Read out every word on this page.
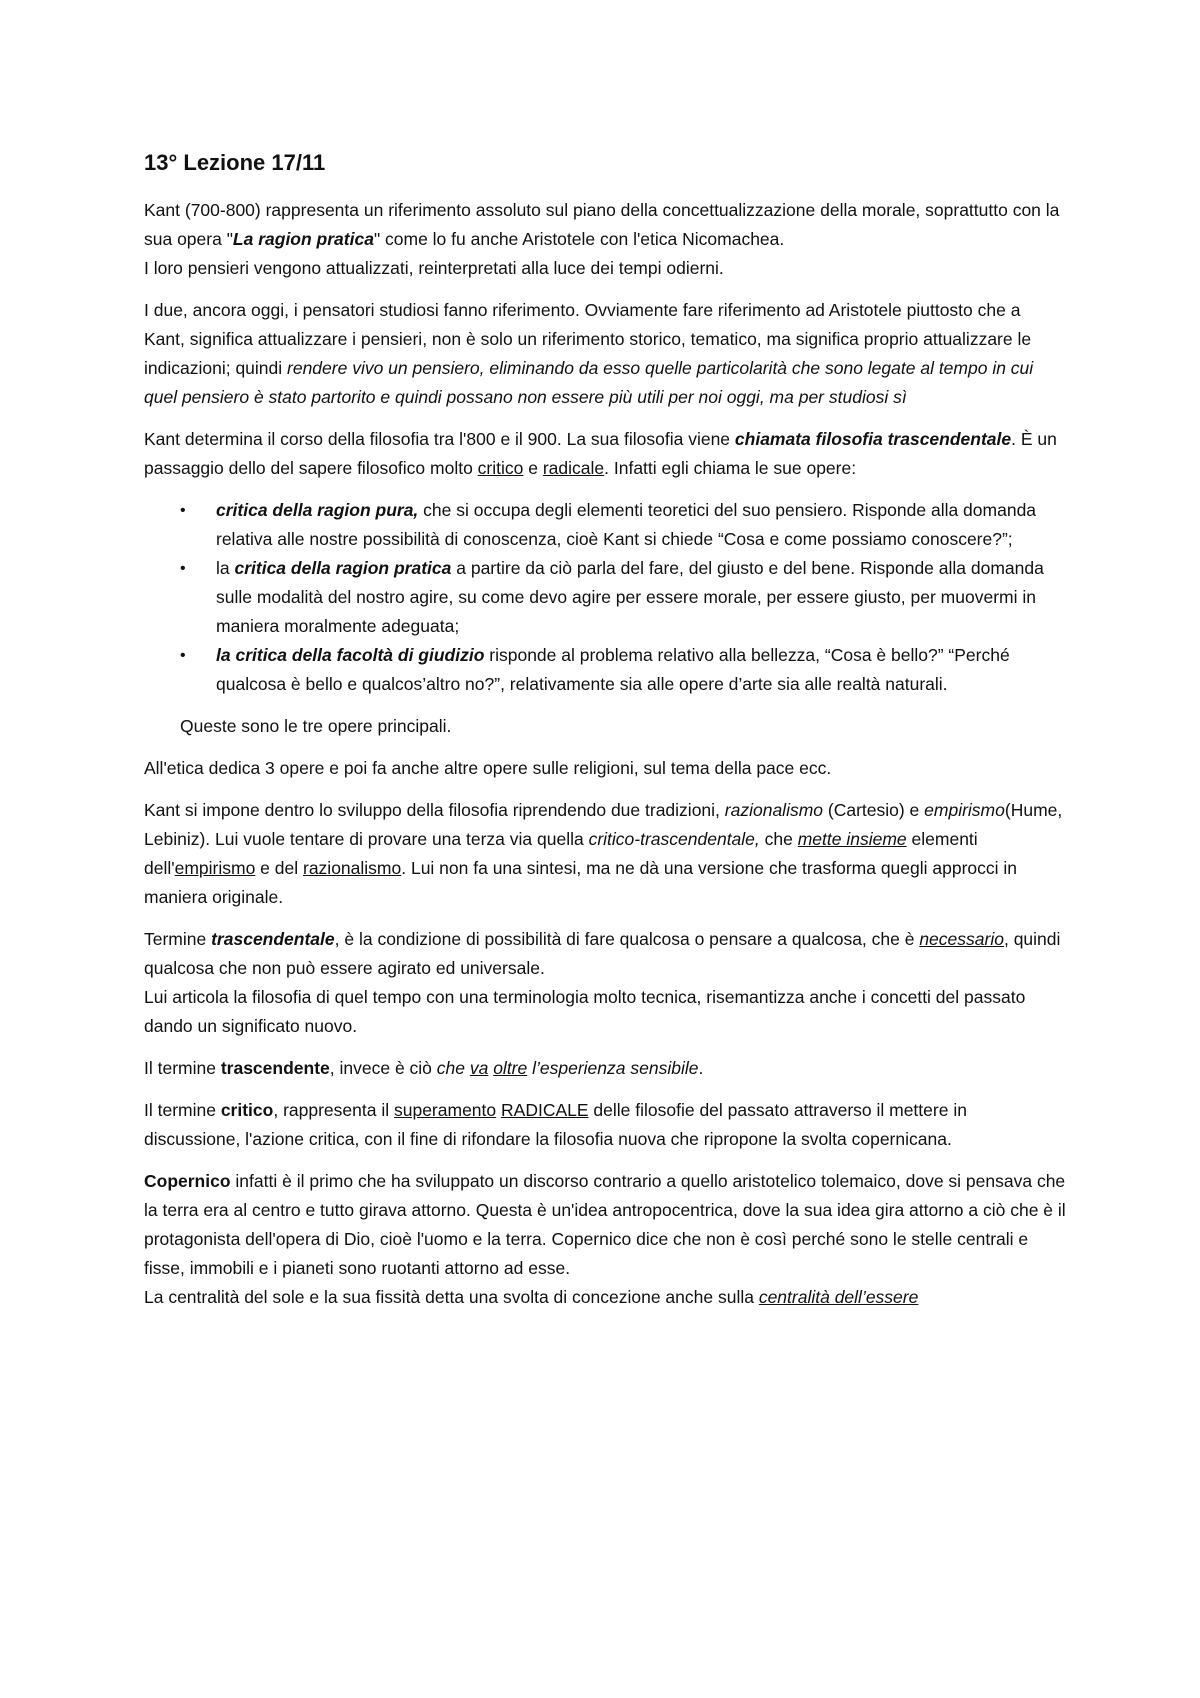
13° Lezione 17/11

Kant (700-800) rappresenta un riferimento assoluto sul piano della concettualizzazione della morale, soprattutto con la sua opera "La ragion pratica" come lo fu anche Aristotele con l'etica Nicomachea.
I loro pensieri vengono attualizzati, reinterpretati alla luce dei tempi odierni.

I due, ancora oggi, i pensatori studiosi fanno riferimento. Ovviamente fare riferimento ad Aristotele piuttosto che a Kant, significa attualizzare i pensieri, non è solo un riferimento storico, tematico, ma significa proprio attualizzare le indicazioni; quindi rendere vivo un pensiero, eliminando da esso quelle particolarità che sono legate al tempo in cui quel pensiero è stato partorito e quindi possano non essere più utili per noi oggi, ma per studiosi sì

Kant determina il corso della filosofia tra l'800 e il 900. La sua filosofia viene chiamata filosofia trascendentale. È un passaggio dello del sapere filosofico molto critico e radicale. Infatti egli chiama le sue opere:

• critica della ragion pura, che si occupa degli elementi teoretici del suo pensiero. Risponde alla domanda relativa alle nostre possibilità di conoscenza, cioè Kant si chiede “Cosa e come possiamo conoscere?”;
• la critica della ragion pratica a partire da ciò parla del fare, del giusto e del bene. Risponde alla domanda sulle modalità del nostro agire, su come devo agire per essere morale, per essere giusto, per muovermi in maniera moralmente adeguata;
• la critica della facoltà di giudizio risponde al problema relativo alla bellezza, “Cosa è bello?” “Perché qualcosa è bello e qualcos’altro no?”, relativamente sia alle opere d’arte sia alle realtà naturali.

Queste sono le tre opere principali.

All'etica dedica 3 opere e poi fa anche altre opere sulle religioni, sul tema della pace ecc.

Kant si impone dentro lo sviluppo della filosofia riprendendo due tradizioni, razionalismo (Cartesio) e empirismo(Hume, Lebiniz). Lui vuole tentare di provare una terza via quella critico-trascendentale, che mette insieme elementi dell'empirismo e del razionalismo. Lui non fa una sintesi, ma ne dà una versione che trasforma quegli approcci in maniera originale.

Termine trascendentale, è la condizione di possibilità di fare qualcosa o pensare a qualcosa, che è necessario, quindi qualcosa che non può essere agirato ed universale.
Lui articola la filosofia di quel tempo con una terminologia molto tecnica, risemantizza anche i concetti del passato dando un significato nuovo.

Il termine trascendente, invece è ciò che va oltre l’esperienza sensibile.

Il termine critico, rappresenta il superamento RADICALE delle filosofie del passato attraverso il mettere in discussione, l'azione critica, con il fine di rifondare la filosofia nuova che ripropone la svolta copernicana.

Copernico infatti è il primo che ha sviluppato un discorso contrario a quello aristotelico tolemaico, dove si pensava che la terra era al centro e tutto girava attorno. Questa è un'idea antropocentrica, dove la sua idea gira attorno a ciò che è il protagonista dell'opera di Dio, cioè l'uomo e la terra. Copernico dice che non è così perché sono le stelle centrali e fisse, immobili e i pianeti sono ruotanti attorno ad esse.
La centralità del sole e la sua fissità detta una svolta di concezione anche sulla centralità dell’essere
